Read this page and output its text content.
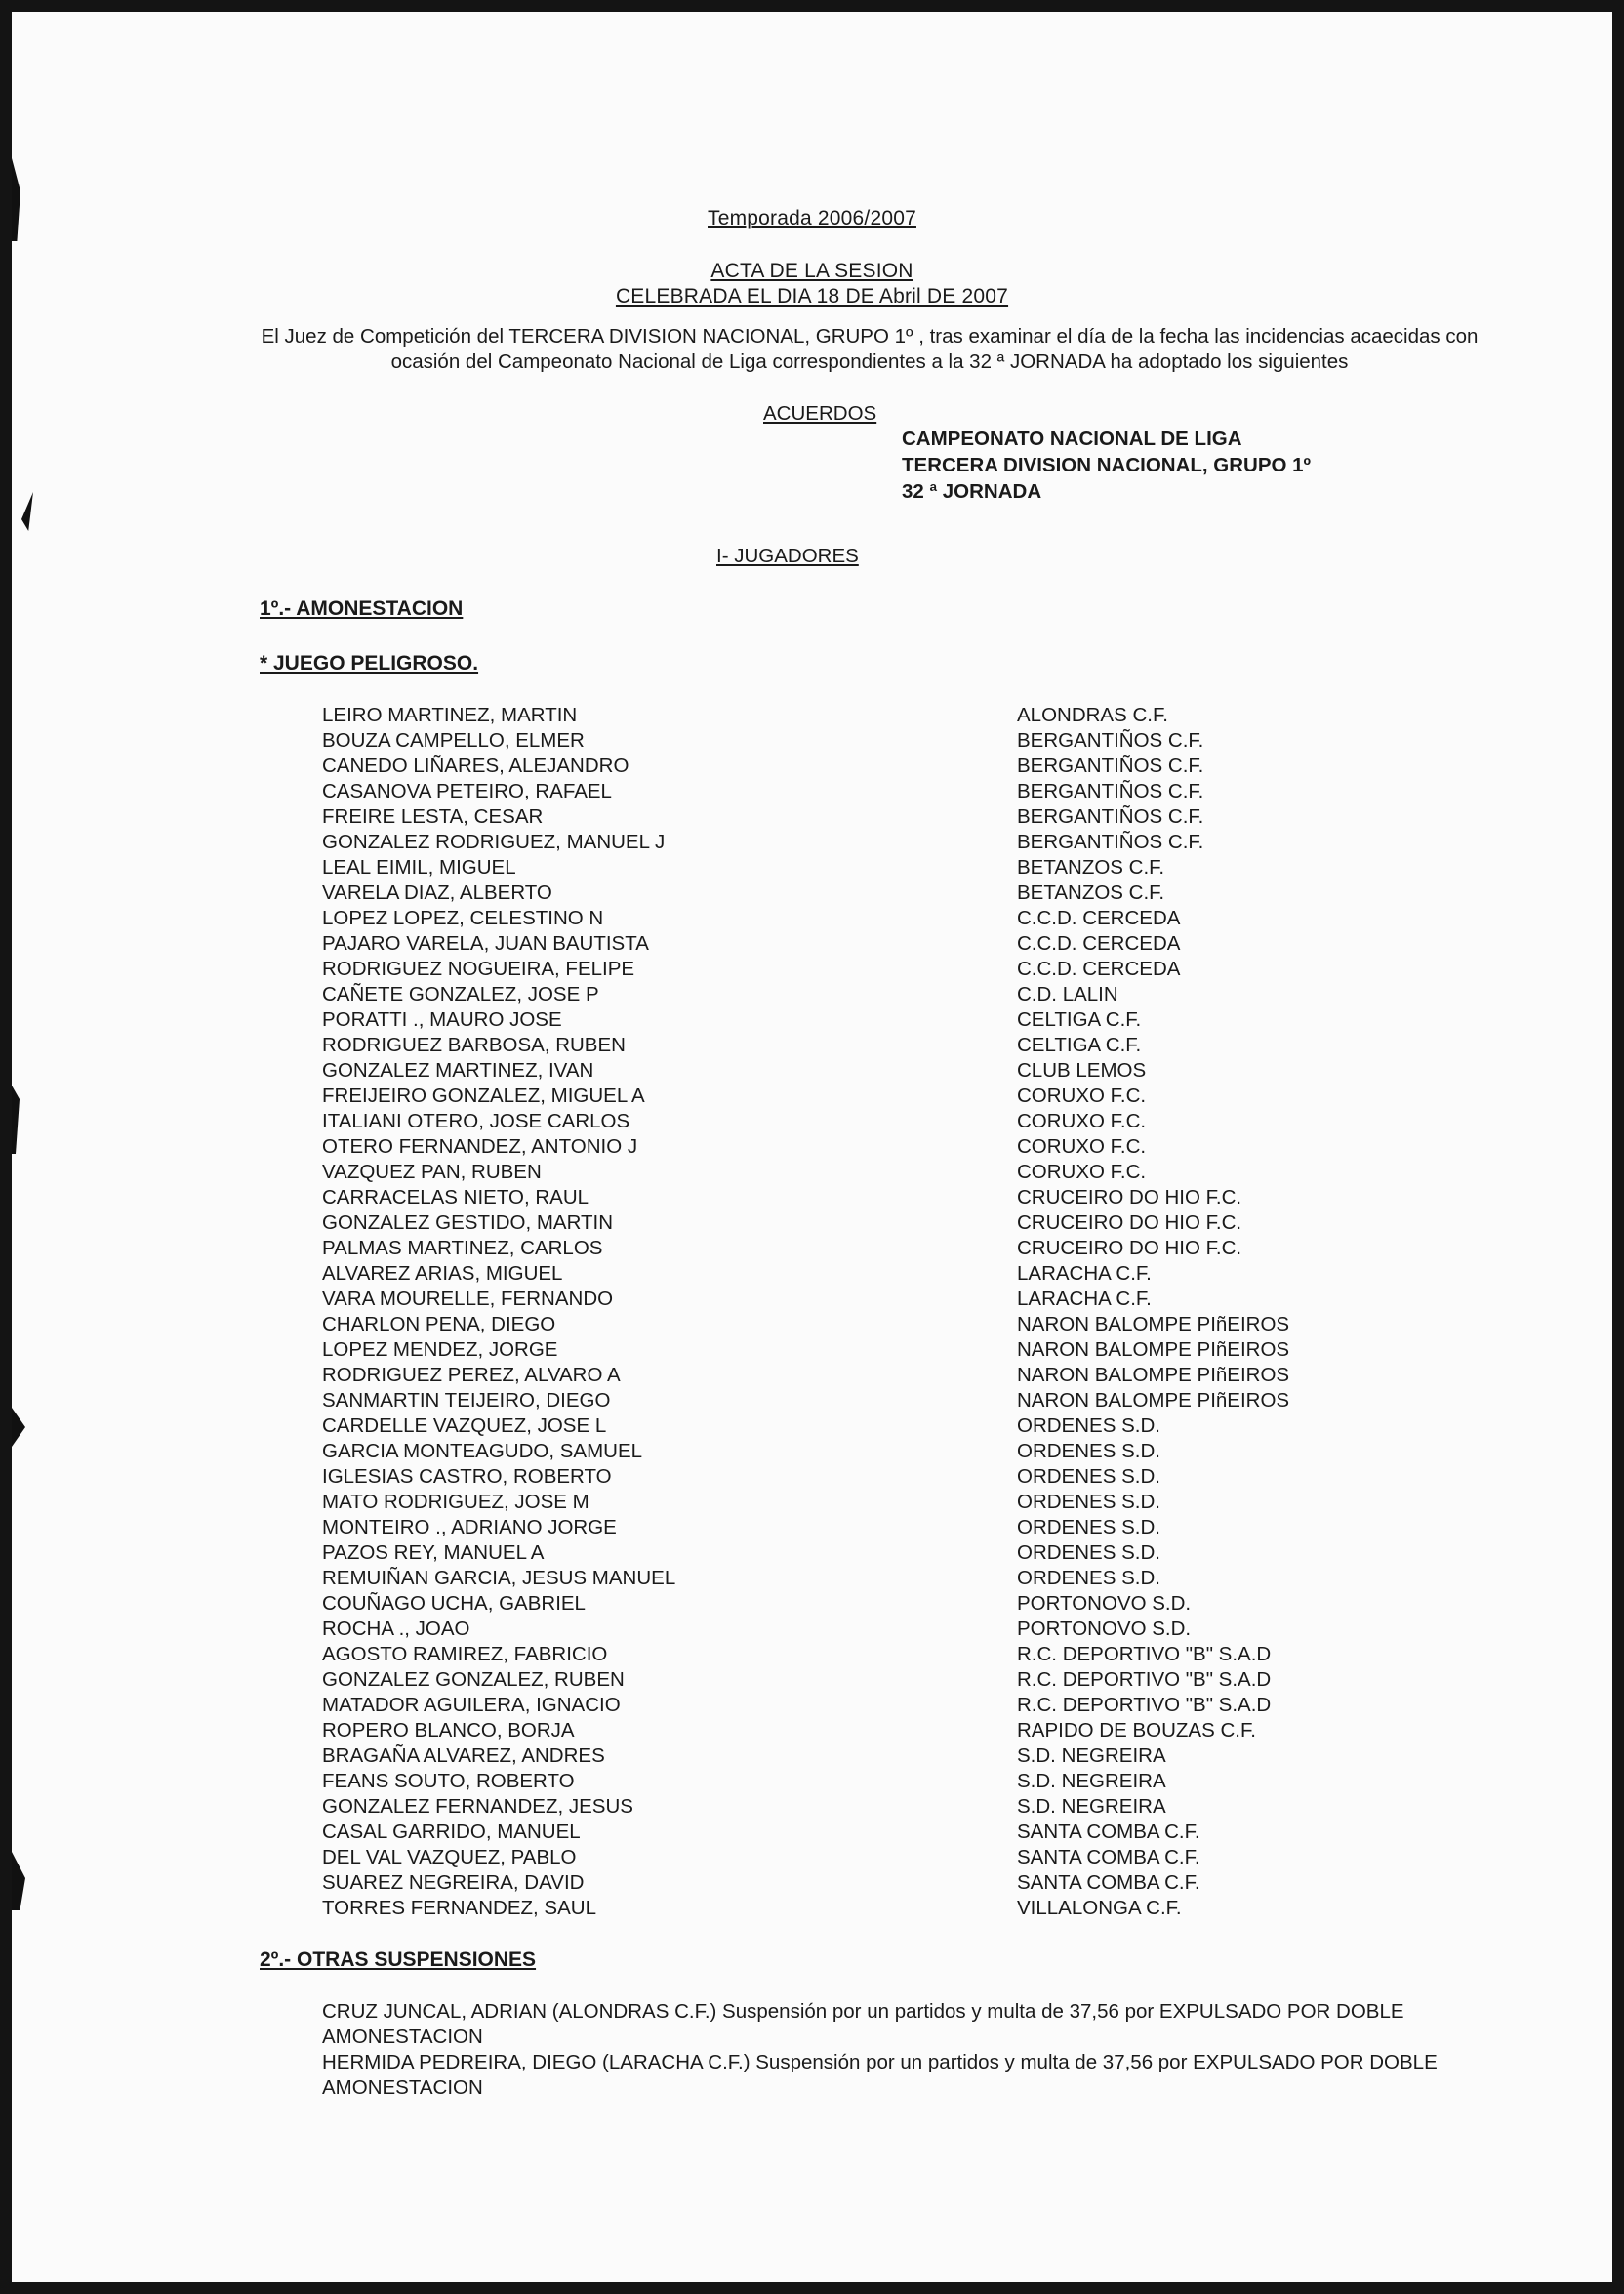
Temporada 2006/2007
ACTA DE LA SESION
CELEBRADA EL DIA 18 DE Abril DE 2007
El Juez de Competición del TERCERA DIVISION NACIONAL, GRUPO 1º , tras examinar el día de la fecha las incidencias acaecidas con ocasión del Campeonato Nacional de Liga correspondientes a la 32 ª JORNADA ha adoptado los siguientes
ACUERDOS
CAMPEONATO NACIONAL DE LIGA
TERCERA DIVISION NACIONAL, GRUPO 1º
32 ª JORNADA
I- JUGADORES
1º.- AMONESTACION
* JUEGO PELIGROSO.
LEIRO MARTINEZ, MARTIN	ALONDRAS C.F.
BOUZA CAMPELLO, ELMER	BERGANTIÑOS C.F.
CANEDO LIÑARES, ALEJANDRO	BERGANTIÑOS C.F.
CASANOVA PETEIRO, RAFAEL	BERGANTIÑOS C.F.
FREIRE LESTA, CESAR	BERGANTIÑOS C.F.
GONZALEZ RODRIGUEZ, MANUEL J	BERGANTIÑOS C.F.
LEAL EIMIL, MIGUEL	BETANZOS C.F.
VARELA DIAZ, ALBERTO	BETANZOS C.F.
LOPEZ LOPEZ, CELESTINO N	C.C.D. CERCEDA
PAJARO VARELA, JUAN BAUTISTA	C.C.D. CERCEDA
RODRIGUEZ NOGUEIRA, FELIPE	C.C.D. CERCEDA
CAÑETE GONZALEZ, JOSE P	C.D. LALIN
PORATTI ., MAURO JOSE	CELTIGA C.F.
RODRIGUEZ BARBOSA, RUBEN	CELTIGA C.F.
GONZALEZ MARTINEZ, IVAN	CLUB LEMOS
FREIJEIRO GONZALEZ, MIGUEL A	CORUXO F.C.
ITALIANI OTERO, JOSE CARLOS	CORUXO F.C.
OTERO FERNANDEZ, ANTONIO J	CORUXO F.C.
VAZQUEZ PAN, RUBEN	CORUXO F.C.
CARRACELAS NIETO, RAUL	CRUCEIRO DO HIO F.C.
GONZALEZ GESTIDO, MARTIN	CRUCEIRO DO HIO F.C.
PALMAS MARTINEZ, CARLOS	CRUCEIRO DO HIO F.C.
ALVAREZ ARIAS, MIGUEL	LARACHA C.F.
VARA MOURELLE, FERNANDO	LARACHA C.F.
CHARLON PENA, DIEGO	NARON BALOMPE PIñEIROS
LOPEZ MENDEZ, JORGE	NARON BALOMPE PIñEIROS
RODRIGUEZ PEREZ, ALVARO A	NARON BALOMPE PIñEIROS
SANMARTIN TEIJEIRO, DIEGO	NARON BALOMPE PIñEIROS
CARDELLE VAZQUEZ, JOSE L	ORDENES S.D.
GARCIA MONTEAGUDO, SAMUEL	ORDENES S.D.
IGLESIAS CASTRO, ROBERTO	ORDENES S.D.
MATO RODRIGUEZ, JOSE M	ORDENES S.D.
MONTEIRO ., ADRIANO JORGE	ORDENES S.D.
PAZOS REY, MANUEL A	ORDENES S.D.
REMUIÑAN GARCIA, JESUS MANUEL	ORDENES S.D.
COUÑAGO UCHA, GABRIEL	PORTONOVO S.D.
ROCHA ., JOAO	PORTONOVO S.D.
AGOSTO RAMIREZ, FABRICIO	R.C. DEPORTIVO "B" S.A.D
GONZALEZ GONZALEZ, RUBEN	R.C. DEPORTIVO "B" S.A.D
MATADOR AGUILERA, IGNACIO	R.C. DEPORTIVO "B" S.A.D
ROPERO BLANCO, BORJA	RAPIDO DE BOUZAS C.F.
BRAGAÑA ALVAREZ, ANDRES	S.D. NEGREIRA
FEANS SOUTO, ROBERTO	S.D. NEGREIRA
GONZALEZ FERNANDEZ, JESUS	S.D. NEGREIRA
CASAL GARRIDO, MANUEL	SANTA COMBA C.F.
DEL VAL VAZQUEZ, PABLO	SANTA COMBA C.F.
SUAREZ NEGREIRA, DAVID	SANTA COMBA C.F.
TORRES FERNANDEZ, SAUL	VILLALONGA C.F.
2º.- OTRAS SUSPENSIONES

CRUZ JUNCAL, ADRIAN (ALONDRAS C.F.) Suspensión por un partidos y multa de 37,56 por EXPULSADO POR DOBLE AMONESTACION

HERMIDA PEDREIRA, DIEGO (LARACHA C.F.) Suspensión por un partidos y multa de 37,56 por EXPULSADO POR DOBLE AMONESTACION
